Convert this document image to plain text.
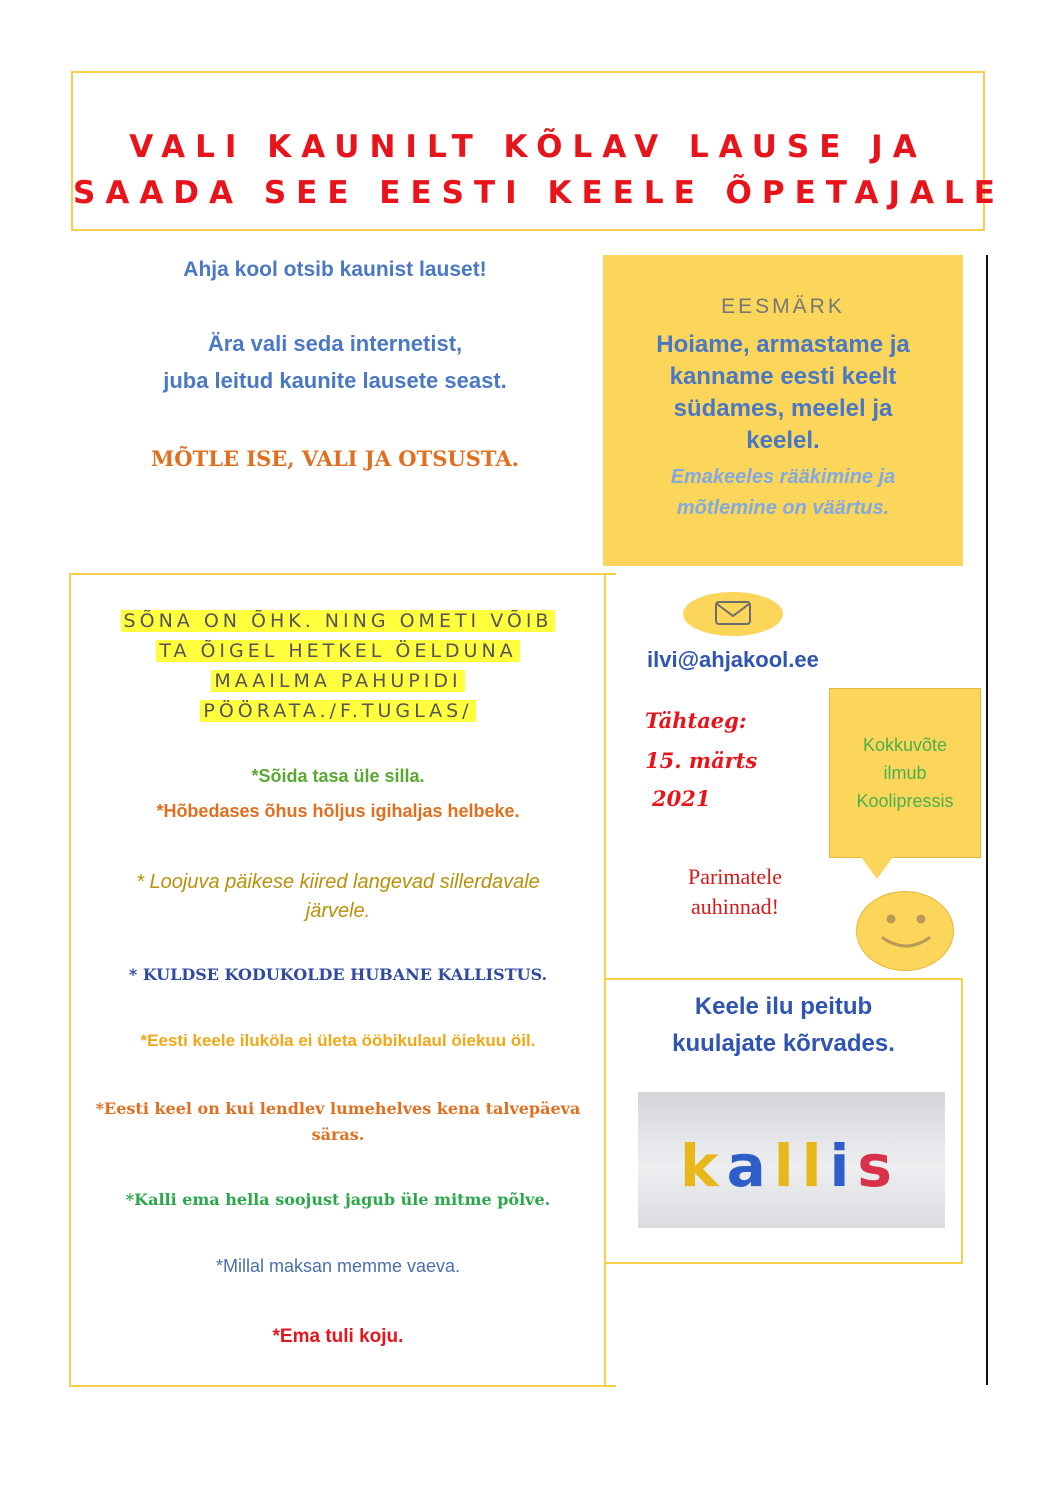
VALI KAUNILT KÕLAV LAUSE JA
SAADA SEE EESTI KEELE ÕPETAJALE
Ahja kool otsib kaunist lauset!
Ära vali seda internetist,
juba leitud kaunite lausete seast.
MÕTLE ISE, VALI JA OTSUSTA.
EESMÄRK
Hoiame, armastame ja
kanname eesti keelt
südames, meelel ja
keelel.
Emakeeles rääkimine ja
mõtlemine on väärtus.
SÕNA ON ÕHK. NING OMETI VÕIB
TA ÕIGEL HETKEL ÖELDUNA
MAAILMA PAHUPIDI
PÖÖRATA./F.TUGLAS/
*Sõida tasa üle silla.
*Hõbedases õhus hõljus igihaljas helbeke.
* Loojuva päikese kiired langevad sillerdavale
järvele.
* KULDSE KODUKOLDE HUBANE KALLISTUS.
*Eesti keele iluköla ei ületa ööbikulaul öiekuu öil.
*Eesti keel on kui lendlev lumehelves kena talvepäeva
säras.
*Kalli ema hella soojust jagub üle mitme põlve.
*Millal maksan memme vaeva.
*Ema tuli koju.
ilvi@ahjakool.ee
Tähtaeg:
15. märts
2021
Kokkuvõte
ilmub
Koolipressis
Parimatele
auhinnad!
Keele ilu peitub
kuulajate kõrvades.
kallis
